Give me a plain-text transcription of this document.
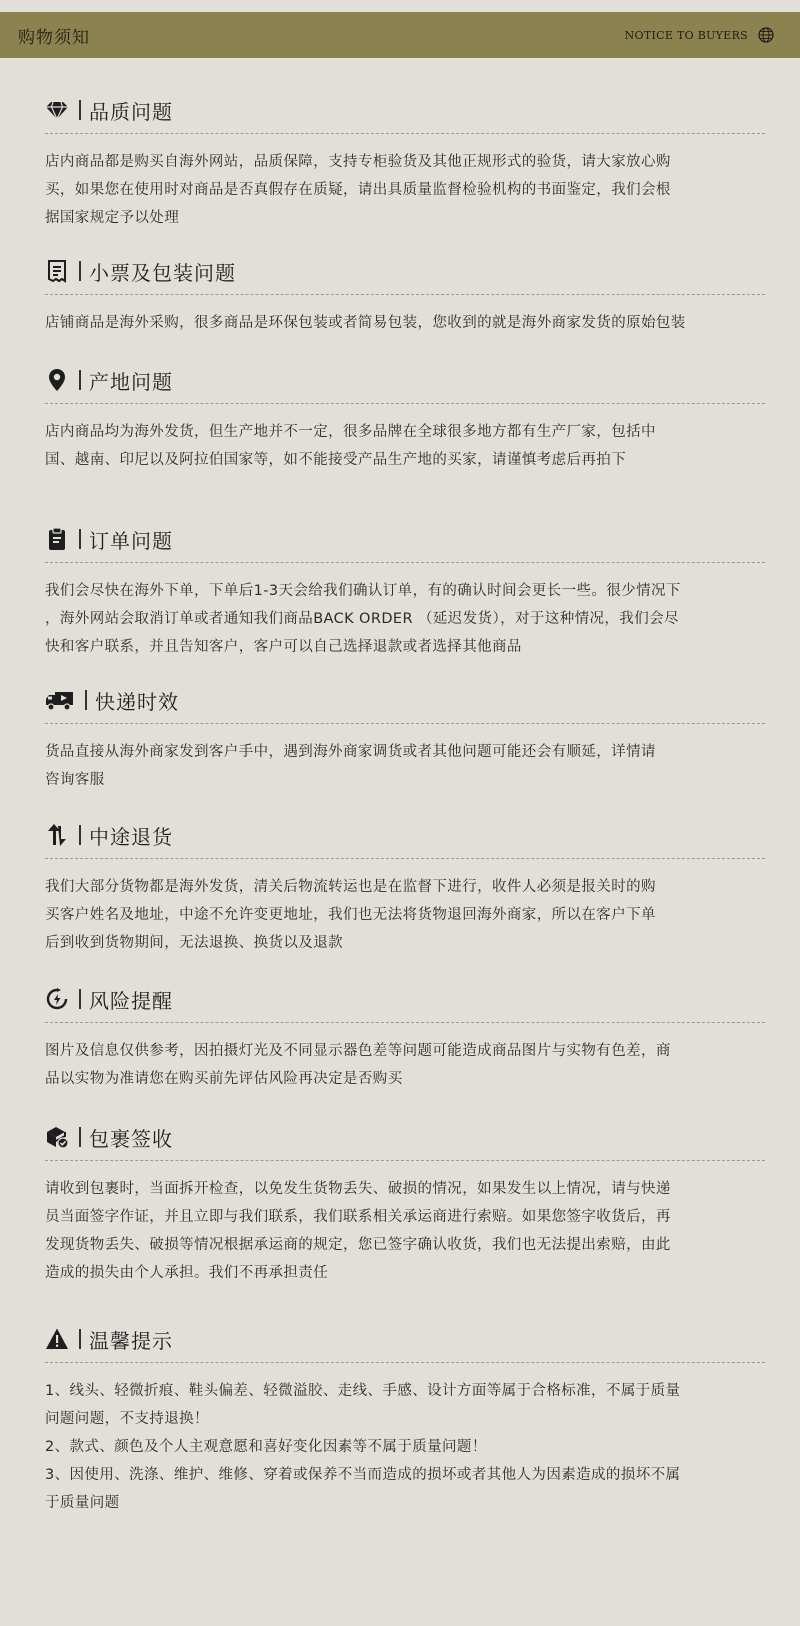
购物须知	NOTICE TO BUYERS
品质问题

店内商品都是购买自海外网站，品质保障，支持专柜验货及其他正规形式的验货，请大家放心购

买，如果您在使用时对商品是否真假存在质疑，请出具质量监督检验机构的书面鉴定，我们会根

据国家规定予以处理

小票及包装问题

店铺商品是海外采购，很多商品是环保包装或者简易包装，您收到的就是海外商家发货的原始包装

产地问题

店内商品均为海外发货，但生产地并不一定，很多品牌在全球很多地方都有生产厂家，包括中

国、越南、印尼以及阿拉伯国家等，如不能接受产品生产地的买家，请谨慎考虑后再拍下

订单问题

我们会尽快在海外下单，下单后1-3天会给我们确认订单，有的确认时间会更长一些。很少情况下

，海外网站会取消订单或者通知我们商品BACK ORDER （延迟发货），对于这种情况，我们会尽

快和客户联系，并且告知客户，客户可以自己选择退款或者选择其他商品

快递时效

货品直接从海外商家发到客户手中，遇到海外商家调货或者其他问题可能还会有顺延，详情请

咨询客服

中途退货

我们大部分货物都是海外发货，清关后物流转运也是在监督下进行，收件人必须是报关时的购

买客户姓名及地址，中途不允许变更地址，我们也无法将货物退回海外商家，所以在客户下单

后到收到货物期间，无法退换、换货以及退款

风险提醒

图片及信息仅供参考，因拍摄灯光及不同显示器色差等问题可能造成商品图片与实物有色差，商

品以实物为准请您在购买前先评估风险再决定是否购买

包裹签收

请收到包裹时，当面拆开检查，以免发生货物丢失、破损的情况，如果发生以上情况，请与快递

员当面签字作证，并且立即与我们联系，我们联系相关承运商进行索赔。如果您签字收货后，再

发现货物丢失、破损等情况根据承运商的规定，您已签字确认收货，我们也无法提出索赔，由此

造成的损失由个人承担。我们不再承担责任

温馨提示

1、线头、轻微折痕、鞋头偏差、轻微溢胶、走线、手感、设计方面等属于合格标准，不属于质量

问题问题，不支持退换！

2、款式、颜色及个人主观意愿和喜好变化因素等不属于质量问题！

3、因使用、洗涤、维护、维修、穿着或保养不当而造成的损坏或者其他人为因素造成的损坏不属

于质量问题
